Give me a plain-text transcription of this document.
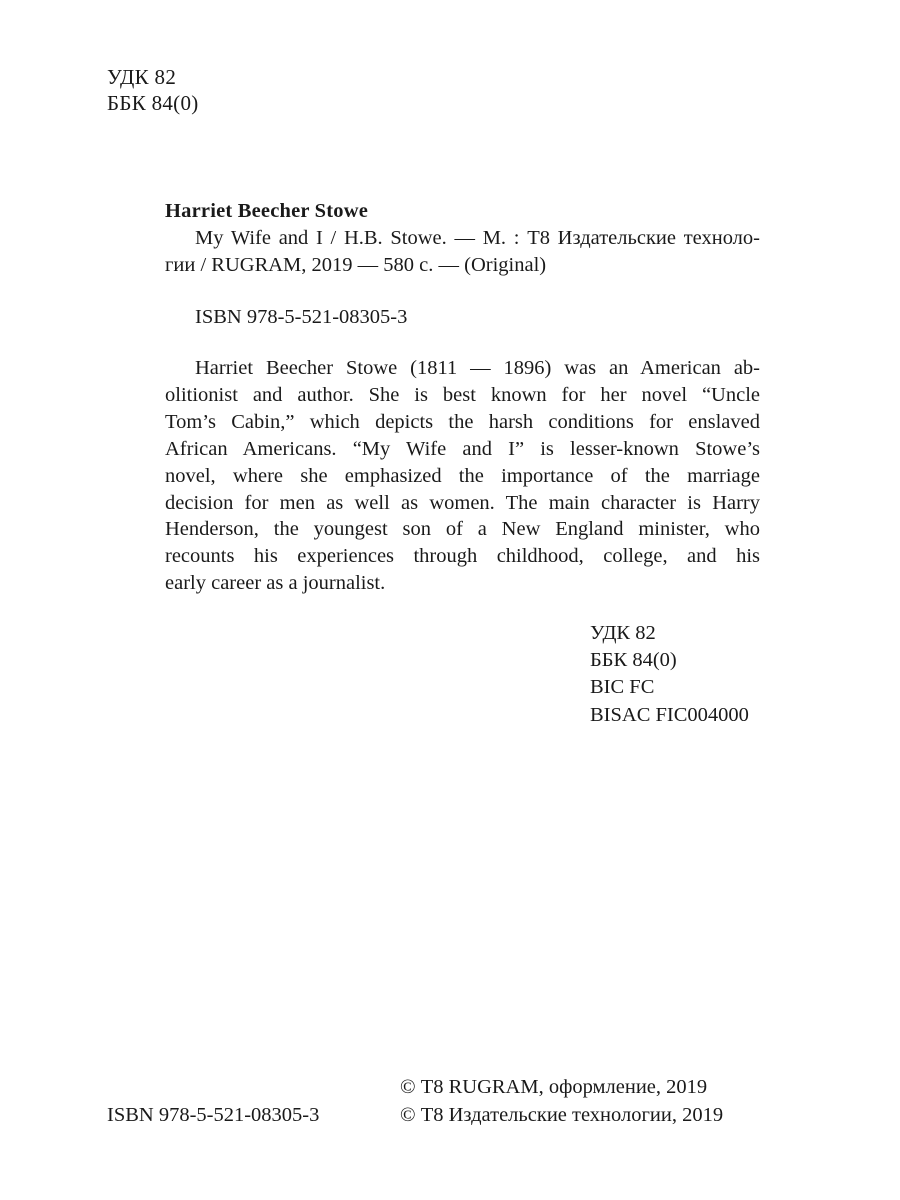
УДК 82
ББК 84(0)
Harriet Beecher Stowe
My Wife and I / H.B. Stowe. — М. : Т8 Издательские техноло-
гии / RUGRAM, 2019 — 580 с. — (Original)
ISBN 978-5-521-08305-3
Harriet Beecher Stowe (1811 — 1896) was an American ab-
olitionist and author. She is best known for her novel “Uncle
Tom’s Cabin,” which depicts the harsh conditions for enslaved
African Americans. “My Wife and I” is lesser-known Stowe’s
novel, where she emphasized the importance of the marriage
decision for men as well as women. The main character is Harry
Henderson, the youngest son of a New England minister, who
recounts his experiences through childhood, college, and his
early career as a journalist.
УДК 82
ББК 84(0)
BIC FC
BISAC FIC004000
© Т8 RUGRAM, оформление, 2019
© Т8 Издательские технологии, 2019
ISBN 978-5-521-08305-3
